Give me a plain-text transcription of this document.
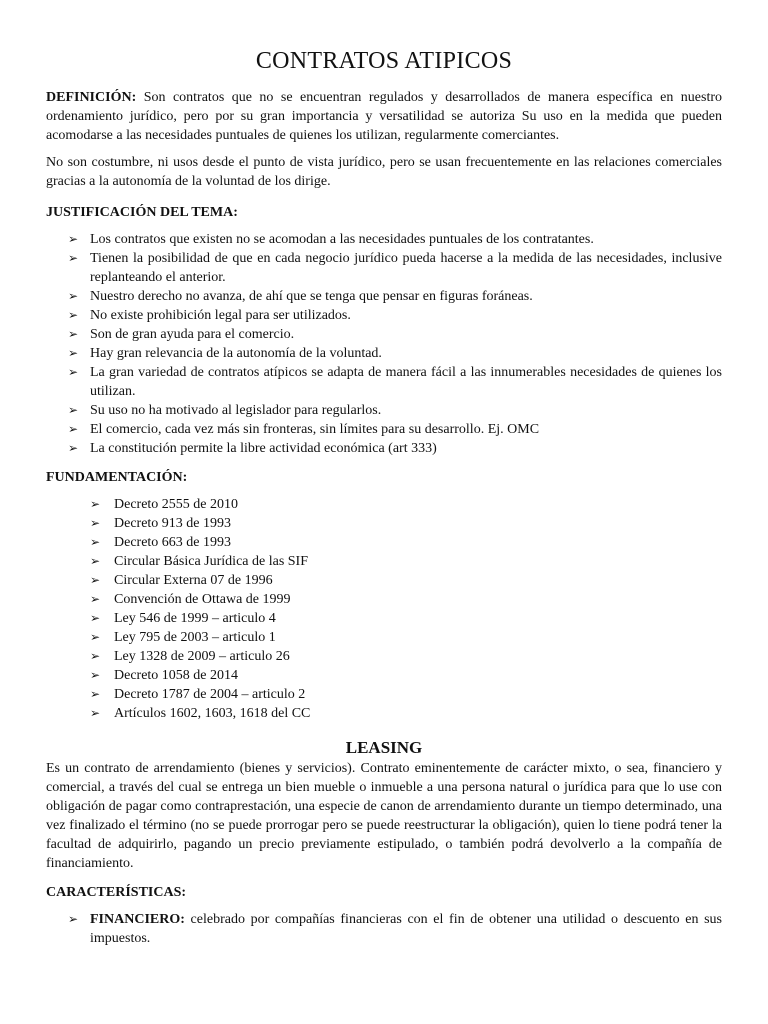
CONTRATOS ATIPICOS

DEFINICIÓN: Son contratos que no se encuentran regulados y desarrollados de manera específica en nuestro ordenamiento jurídico, pero por su gran importancia y versatilidad se autoriza Su uso en la medida que pueden acomodarse a las necesidades puntuales de quienes los utilizan, regularmente comerciantes.

No son costumbre, ni usos desde el punto de vista jurídico, pero se usan frecuentemente en las relaciones comerciales gracias a la autonomía de la voluntad de los dirige.

JUSTIFICACIÓN DEL TEMA:
➢ Los contratos que existen no se acomodan a las necesidades puntuales de los contratantes.
➢ Tienen la posibilidad de que en cada negocio jurídico pueda hacerse a la medida de las necesidades, inclusive replanteando el anterior.
➢ Nuestro derecho no avanza, de ahí que se tenga que pensar en figuras foráneas.
➢ No existe prohibición legal para ser utilizados.
➢ Son de gran ayuda para el comercio.
➢ Hay gran relevancia de la autonomía de la voluntad.
➢ La gran variedad de contratos atípicos se adapta de manera fácil a las innumerables necesidades de quienes los utilizan.
➢ Su uso no ha motivado al legislador para regularlos.
➢ El comercio, cada vez más sin fronteras, sin límites para su desarrollo. Ej. OMC
➢ La constitución permite la libre actividad económica (art 333)
FUNDAMENTACIÓN:
➢ Decreto 2555 de 2010
➢ Decreto 913 de 1993
➢ Decreto 663 de 1993
➢ Circular Básica Jurídica de las SIF
➢ Circular Externa 07 de 1996
➢ Convención de Ottawa de 1999
➢ Ley 546 de 1999 – articulo 4
➢ Ley 795 de 2003 – articulo 1
➢ Ley 1328 de 2009 – articulo 26
➢ Decreto 1058 de 2014
➢ Decreto 1787 de 2004 – articulo 2
➢ Artículos 1602, 1603, 1618 del CC
LEASING

Es un contrato de arrendamiento (bienes y servicios). Contrato eminentemente de carácter mixto, o sea, financiero y comercial, a través del cual se entrega un bien mueble o inmueble a una persona natural o jurídica para que lo use con obligación de pagar como contraprestación, una especie de canon de arrendamiento durante un tiempo determinado, una vez finalizado el término (no se puede prorrogar pero se puede reestructurar la obligación), quien lo tiene podrá tener la facultad de adquirirlo, pagando un precio previamente estipulado, o también podrá devolverlo a la compañía de financiamiento.

CARACTERÍSTICAS:
➢ FINANCIERO: celebrado por compañías financieras con el fin de obtener una utilidad o descuento en sus impuestos.
